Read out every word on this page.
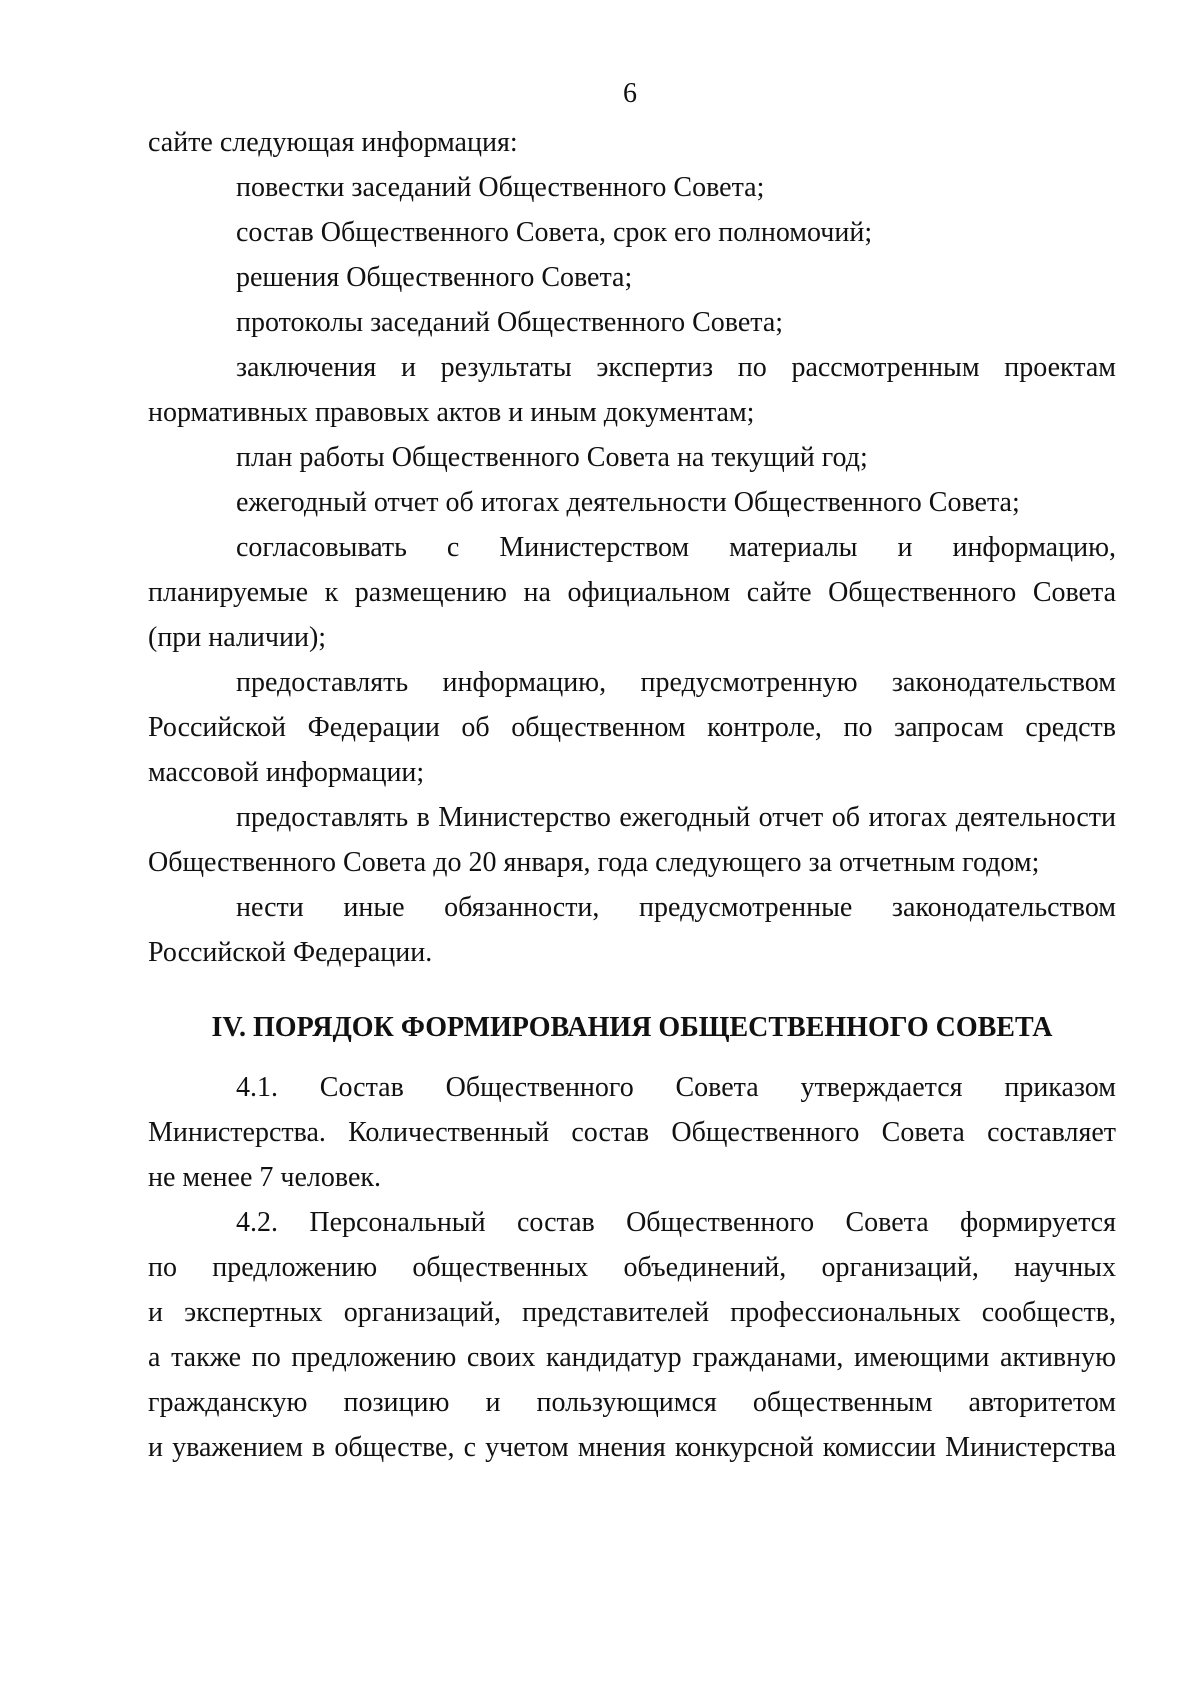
6
сайте следующая информация:
повестки заседаний Общественного Совета;
состав Общественного Совета, срок его полномочий;
решения Общественного Совета;
протоколы заседаний Общественного Совета;
заключения и результаты экспертиз по рассмотренным проектам
нормативных правовых актов и иным документам;
план работы Общественного Совета на текущий год;
ежегодный отчет об итогах деятельности Общественного Совета;
согласовывать с Министерством материалы и информацию,
планируемые к размещению на официальном сайте Общественного Совета
(при наличии);
предоставлять информацию, предусмотренную законодательством
Российской Федерации об общественном контроле, по запросам средств
массовой информации;
предоставлять в Министерство ежегодный отчет об итогах деятельности
Общественного Совета до 20 января, года следующего за отчетным годом;
нести иные обязанности, предусмотренные законодательством
Российской Федерации.
IV. ПОРЯДОК ФОРМИРОВАНИЯ ОБЩЕСТВЕННОГО СОВЕТА
4.1. Состав Общественного Совета утверждается приказом
Министерства. Количественный состав Общественного Совета составляет
не менее 7 человек.
4.2. Персональный состав Общественного Совета формируется
по предложению общественных объединений, организаций, научных
и экспертных организаций, представителей профессиональных сообществ,
а также по предложению своих кандидатур гражданами, имеющими активную
гражданскую позицию и пользующимся общественным авторитетом
и уважением в обществе, с учетом мнения конкурсной комиссии Министерства
